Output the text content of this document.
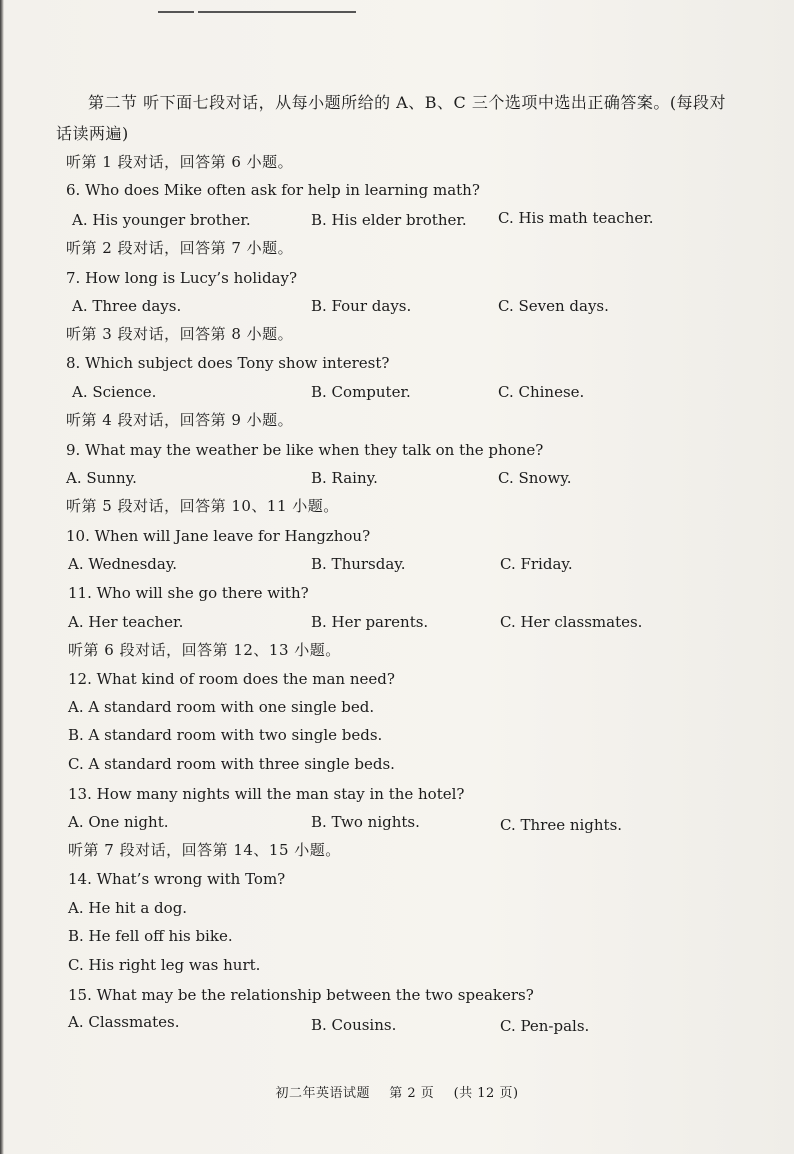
第二节 听下面七段对话，从每小题所给的 A、B、C 三个选项中选出正确答案。(每段对
话读两遍)
听第 1 段对话，回答第 6 小题。
6. Who does Mike often ask for help in learning math?
A. His younger brother.	B. His elder brother. C. His math teacher.
听第 2 段对话，回答第 7 小题。
7. How long is Lucy’s holiday?
A. Three days.	B. Four days.	C. Seven days.
听第 3 段对话，回答第 8 小题。
8. Which subject does Tony show interest?
A. Science.	B. Computer.	C. Chinese.
听第 4 段对话，回答第 9 小题。
9. What may the weather be like when they talk on the phone?
A. Sunny.	B. Rainy.	C. Snowy.
听第 5 段对话，回答第 10、11 小题。
10. When will Jane leave for Hangzhou?
A. Wednesday.	B. Thursday.	C. Friday.
11. Who will she go there with?
A. Her teacher.	B. Her parents.	C. Her classmates.
听第 6 段对话，回答第 12、13 小题。
12. What kind of room does the man need?
A. A standard room with one single bed.
B. A standard room with two single beds.
C. A standard room with three single beds.
13. How many nights will the man stay in the hotel?
A. One night.	B. Two nights.	C. Three nights.
听第 7 段对话，回答第 14、15 小题。
14. What’s wrong with Tom?
A. He hit a dog.
B. He fell off his bike.
C. His right leg was hurt.
15. What may be the relationship between the two speakers?
A. Classmates.	B. Cousins.	C. Pen-pals.
初二年英语试题 第 2 页 (共 12 页)
